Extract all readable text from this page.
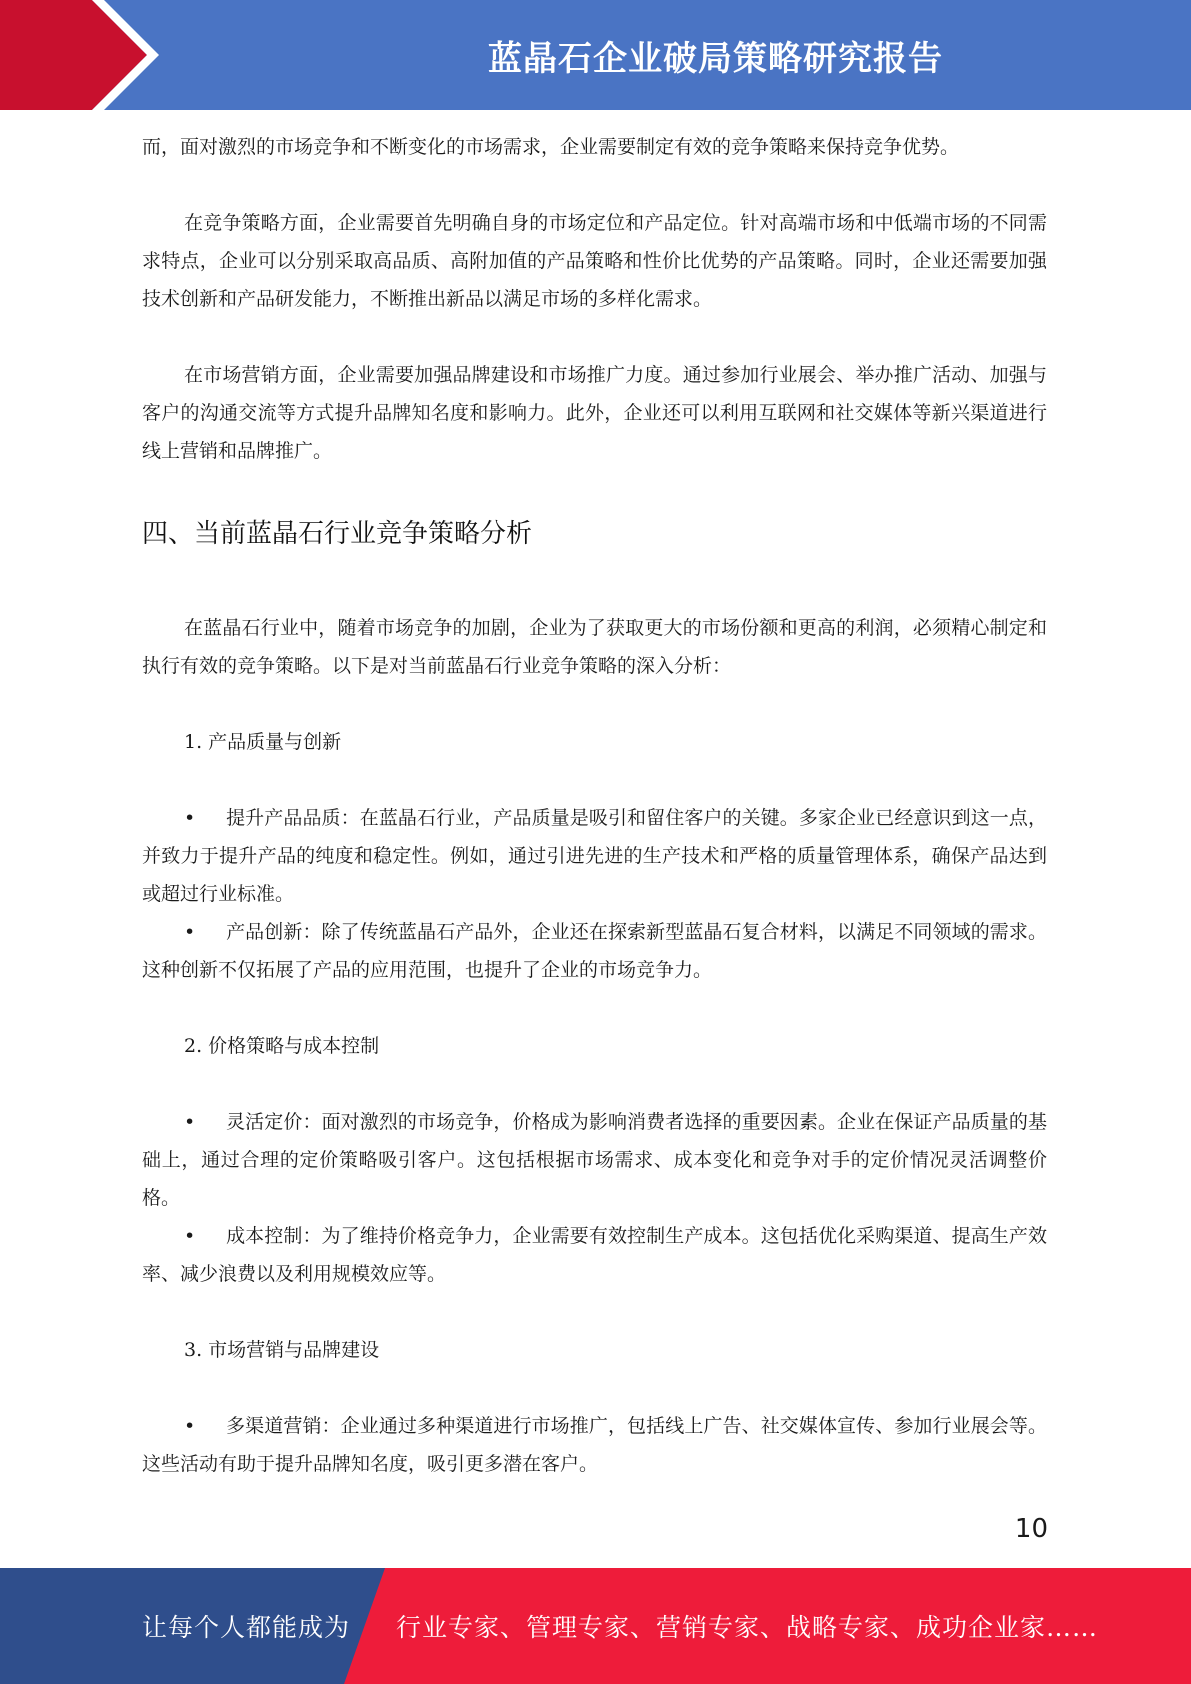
蓝晶石企业破局策略研究报告

而，面对激烈的市场竞争和不断变化的市场需求，企业需要制定有效的竞争策略来保持竞争优势。

在竞争策略方面，企业需要首先明确自身的市场定位和产品定位。针对高端市场和中低端市场的不同需求特点，企业可以分别采取高品质、高附加值的产品策略和性价比优势的产品策略。同时，企业还需要加强技术创新和产品研发能力，不断推出新品以满足市场的多样化需求。

在市场营销方面，企业需要加强品牌建设和市场推广力度。通过参加行业展会、举办推广活动、加强与客户的沟通交流等方式提升品牌知名度和影响力。此外，企业还可以利用互联网和社交媒体等新兴渠道进行线上营销和品牌推广。

四、当前蓝晶石行业竞争策略分析

在蓝晶石行业中，随着市场竞争的加剧，企业为了获取更大的市场份额和更高的利润，必须精心制定和执行有效的竞争策略。以下是对当前蓝晶石行业竞争策略的深入分析：

1. 产品质量与创新

• 提升产品品质：在蓝晶石行业，产品质量是吸引和留住客户的关键。多家企业已经意识到这一点，并致力于提升产品的纯度和稳定性。例如，通过引进先进的生产技术和严格的质量管理体系，确保产品达到或超过行业标准。

• 产品创新：除了传统蓝晶石产品外，企业还在探索新型蓝晶石复合材料，以满足不同领域的需求。这种创新不仅拓展了产品的应用范围，也提升了企业的市场竞争力。

2. 价格策略与成本控制

• 灵活定价：面对激烈的市场竞争，价格成为影响消费者选择的重要因素。企业在保证产品质量的基础上，通过合理的定价策略吸引客户。这包括根据市场需求、成本变化和竞争对手的定价情况灵活调整价格。

• 成本控制：为了维持价格竞争力，企业需要有效控制生产成本。这包括优化采购渠道、提高生产效率、减少浪费以及利用规模效应等。

3. 市场营销与品牌建设

• 多渠道营销：企业通过多种渠道进行市场推广，包括线上广告、社交媒体宣传、参加行业展会等。这些活动有助于提升品牌知名度，吸引更多潜在客户。

10
让每个人都能成为 行业专家、管理专家、营销专家、战略专家、成功企业家……
